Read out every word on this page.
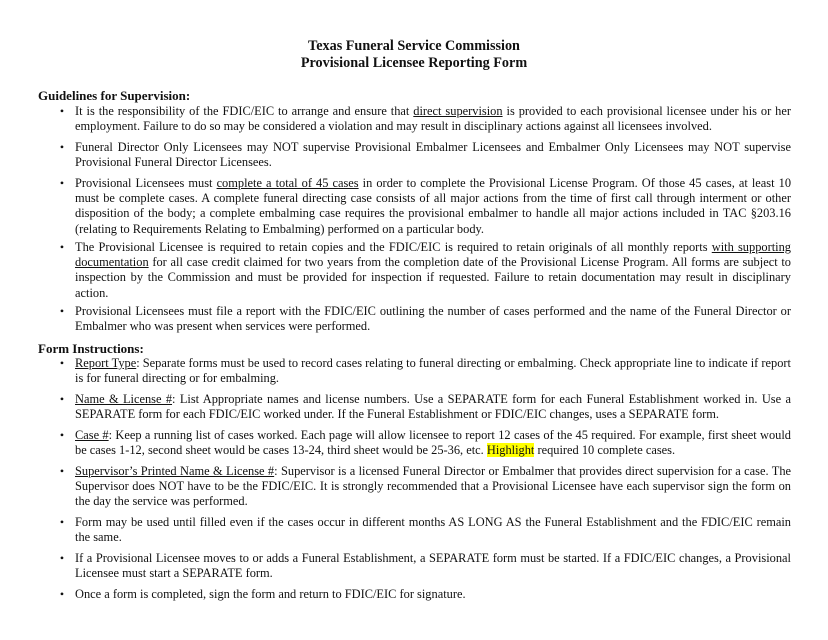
Texas Funeral Service Commission
Provisional Licensee Reporting Form
Guidelines for Supervision:
• It is the responsibility of the FDIC/EIC to arrange and ensure that direct supervision is provided to each provisional licensee under his or her employment. Failure to do so may be considered a violation and may result in disciplinary actions against all licensees involved.
• Funeral Director Only Licensees may NOT supervise Provisional Embalmer Licensees and Embalmer Only Licensees may NOT supervise Provisional Funeral Director Licensees.
• Provisional Licensees must complete a total of 45 cases in order to complete the Provisional License Program. Of those 45 cases, at least 10 must be complete cases. A complete funeral directing case consists of all major actions from the time of first call through interment or other disposition of the body; a complete embalming case requires the provisional embalmer to handle all major actions included in TAC §203.16 (relating to Requirements Relating to Embalming) performed on a particular body.
• The Provisional Licensee is required to retain copies and the FDIC/EIC is required to retain originals of all monthly reports with supporting documentation for all case credit claimed for two years from the completion date of the Provisional License Program. All forms are subject to inspection by the Commission and must be provided for inspection if requested. Failure to retain documentation may result in disciplinary action.
• Provisional Licensees must file a report with the FDIC/EIC outlining the number of cases performed and the name of the Funeral Director or Embalmer who was present when services were performed.
Form Instructions:
• Report Type: Separate forms must be used to record cases relating to funeral directing or embalming. Check appropriate line to indicate if report is for funeral directing or for embalming.
• Name & License #: List Appropriate names and license numbers. Use a SEPARATE form for each Funeral Establishment worked in. Use a SEPARATE form for each FDIC/EIC worked under. If the Funeral Establishment or FDIC/EIC changes, uses a SEPARATE form.
• Case #: Keep a running list of cases worked. Each page will allow licensee to report 12 cases of the 45 required. For example, first sheet would be cases 1-12, second sheet would be cases 13-24, third sheet would be 25-36, etc. Highlight required 10 complete cases.
• Supervisor’s Printed Name & License #: Supervisor is a licensed Funeral Director or Embalmer that provides direct supervision for a case. The Supervisor does NOT have to be the FDIC/EIC. It is strongly recommended that a Provisional Licensee have each supervisor sign the form on the day the service was performed.
• Form may be used until filled even if the cases occur in different months AS LONG AS the Funeral Establishment and the FDIC/EIC remain the same.
• If a Provisional Licensee moves to or adds a Funeral Establishment, a SEPARATE form must be started. If a FDIC/EIC changes, a Provisional Licensee must start a SEPARATE form.
• Once a form is completed, sign the form and return to FDIC/EIC for signature.
